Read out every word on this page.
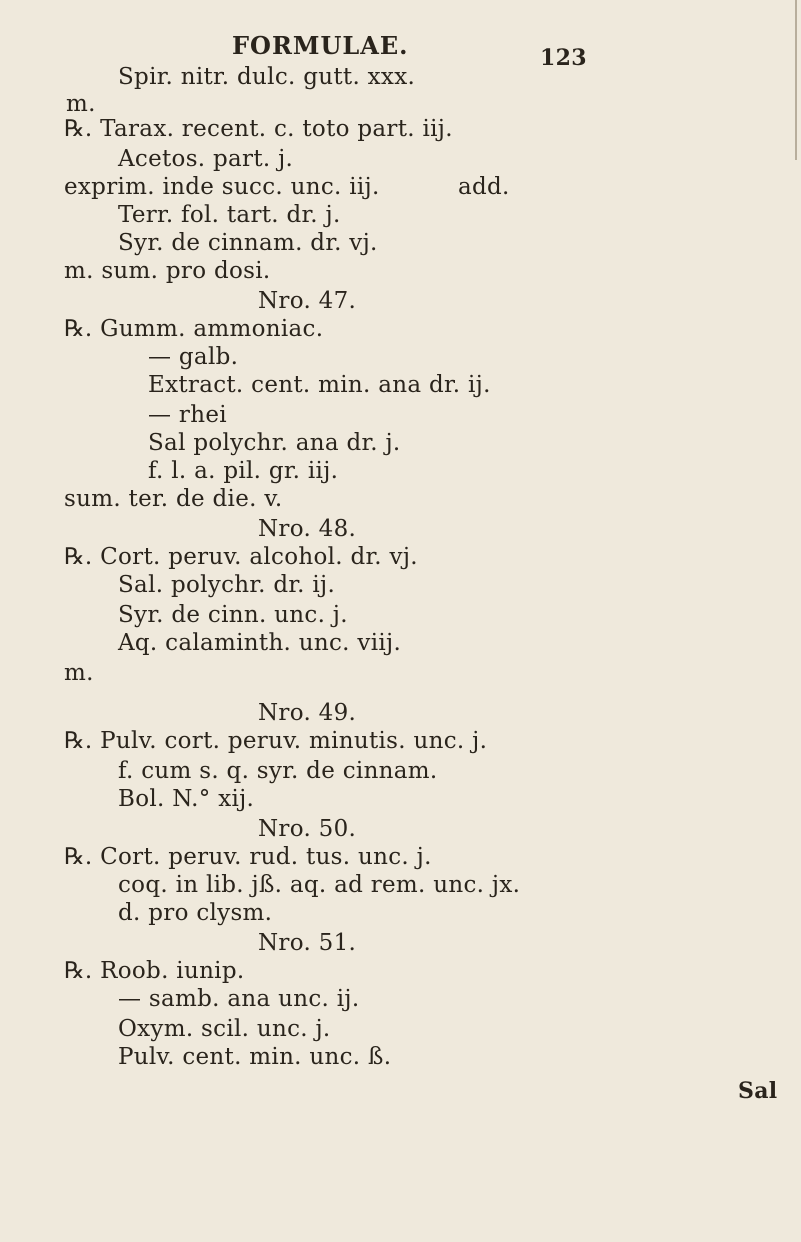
FORMULAE.	123
Spir. nitr. dulc. gutt. xxx.
m.
℞. Tarax. recent. c. toto part. iij.
Acetos. part. j.
exprim. inde succ. unc. iij.	add.
Terr. fol. tart. dr. j.
Syr. de cinnam. dr. vj.
m. sum. pro dosi.
Nro. 47.
℞. Gumm. ammoniac.
— galb.
Extract. cent. min. ana dr. ij.
— rhei
Sal polychr. ana dr. j.
f. l. a. pil. gr. iij.
sum. ter. de die. v.
Nro. 48.
℞. Cort. peruv. alcohol. dr. vj.
Sal. polychr. dr. ij.
Syr. de cinn. unc. j.
Aq. calaminth. unc. viij.
m.
Nro. 49.
℞. Pulv. cort. peruv. minutis. unc. j.
f. cum s. q. syr. de cinnam.
Bol. N.° xij.
Nro. 50.
℞. Cort. peruv. rud. tus. unc. j.
coq. in lib. jß. aq. ad rem. unc. jx.
d. pro clysm.
Nro. 51.
℞. Roob. iunip.
— samb. ana unc. ij.
Oxym. scil. unc. j.
Pulv. cent. min. unc. ß.
Sal
